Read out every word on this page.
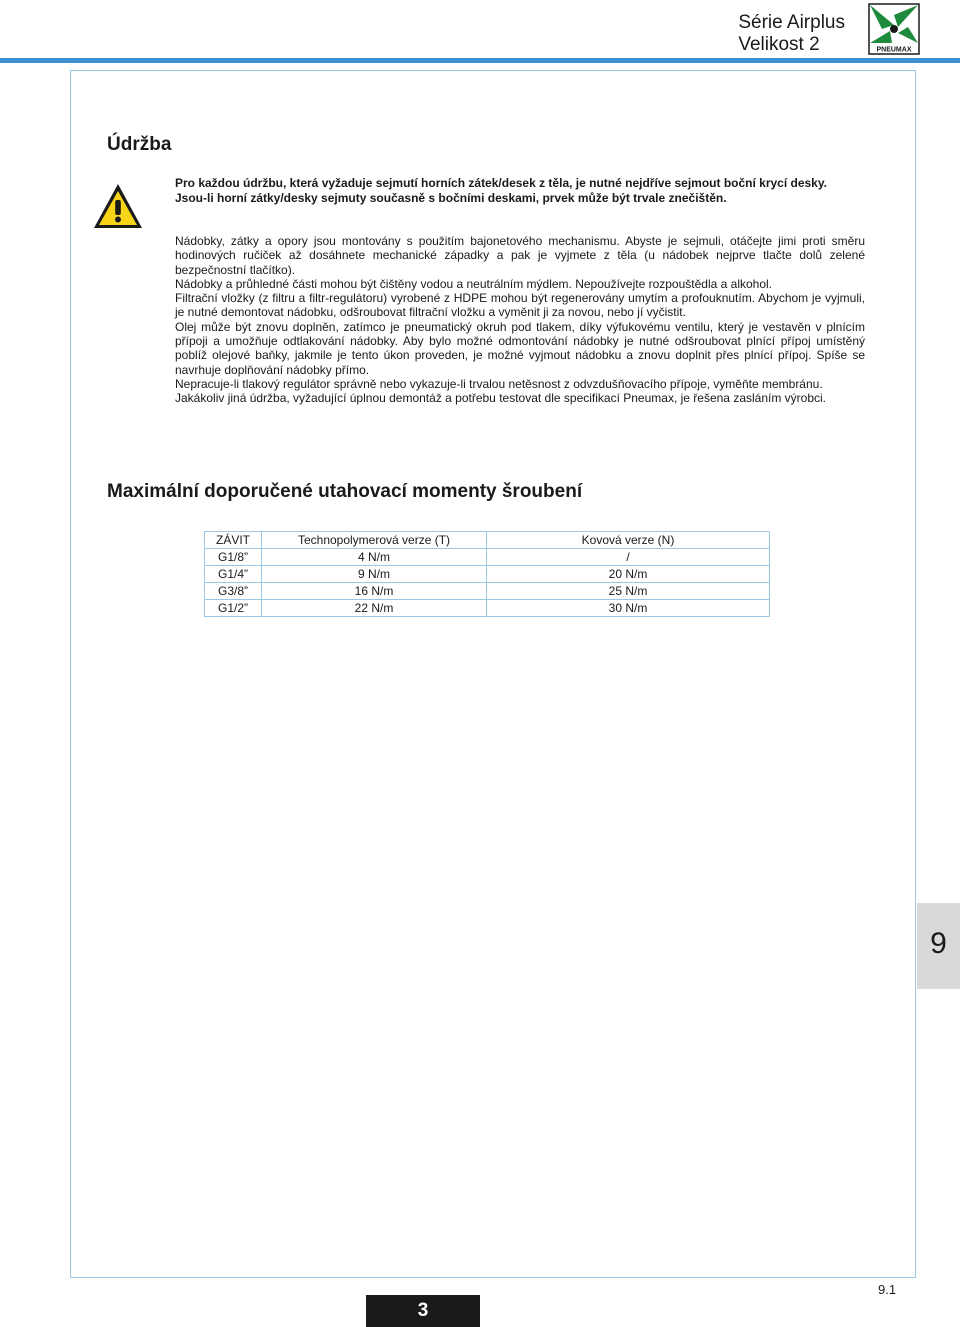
Série Airplus
Velikost 2	PNEUMAX
Údržba
Pro každou údržbu, která vyžaduje sejmutí horních zátek/desek z těla, je nutné nejdříve sejmout boční krycí desky.
Jsou-li horní zátky/desky sejmuty současně s bočními deskami, prvek může být trvale znečištěn.

Nádobky, zátky a opory jsou montovány s použitím bajonetového mechanismu. Abyste je sejmuli, otáčejte jimi proti směru hodinových ručiček až dosáhnete mechanické západky a pak je vyjmete z těla (u nádobek nejprve tlačte dolů zelené bezpečnostní tlačítko).

Nádobky a průhledné části mohou být čištěny vodou a neutrálním mýdlem. Nepoužívejte rozpouštědla a alkohol.

Filtrační vložky (z filtru a filtr-regulátoru) vyrobené z HDPE mohou být regenerovány umytím a profouknutím. Abychom je vyjmuli, je nutné demontovat nádobku, odšroubovat filtrační vložku a vyměnit ji za novou, nebo jí vyčistit.

Olej může být znovu doplněn, zatímco je pneumatický okruh pod tlakem, díky výfukovému ventilu, který je vestavěn v plnícím přípoji a umožňuje odtlakování nádobky. Aby bylo možné odmontování nádobky je nutné odšroubovat plnící přípoj umístěný poblíž olejové baňky, jakmile je tento úkon proveden, je možné vyjmout nádobku a znovu doplnit přes plnící přípoj. Spíše se navrhuje doplňování nádobky přímo.

Nepracuje-li tlakový regulátor správně nebo vykazuje-li trvalou netěsnost z odvzdušňovacího přípoje, vyměňte membránu.

Jakákoliv jiná údržba, vyžadující úplnou demontáž a potřebu testovat dle specifikací Pneumax, je řešena zasláním výrobci.

Maximální doporučené utahovací momenty šroubení
ZÁVIT	Technopolymerová verze (T)	Kovová verze (N)
G1/8”	4 N/m	/
G1/4”	9 N/m	20 N/m
G3/8”	16 N/m	25 N/m
G1/2”	22 N/m	30 N/m
9
3
9.1
